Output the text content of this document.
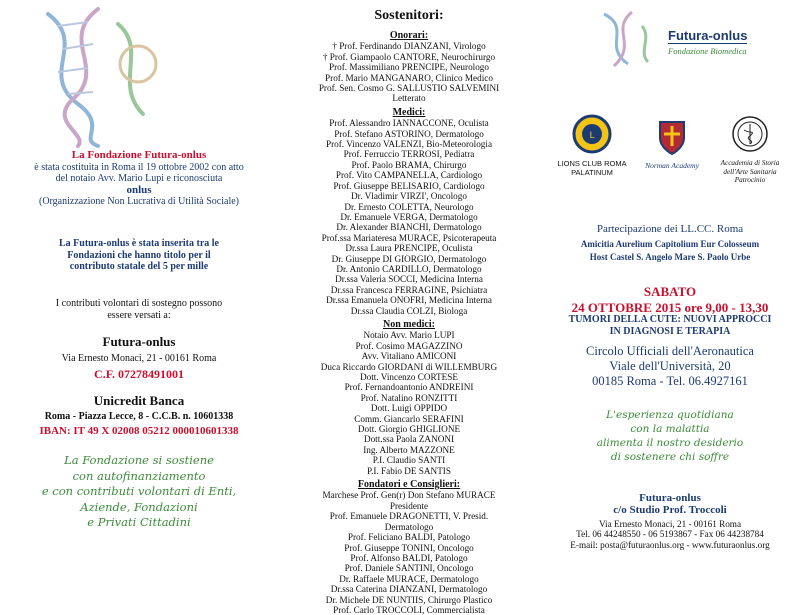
La Fondazione Futura-onlus
è stata costituita in Roma il 19 ottobre 2002 con atto
del notaio Avv. Mario Lupi e riconosciuta
onlus
(Organizzazione Non Lucrativa di Utilità Sociale)
La Futura-onlus è stata inserita tra le
Fondazioni che hanno titolo per il
contributo statale del 5 per mille
I contributi volontari di sostegno possono
essere versati a:
Futura-onlus
Via Ernesto Monaci, 21 - 00161 Roma
C.F. 07278491001
Unicredit Banca
Roma - Piazza Lecce, 8 - C.C.B. n. 10601338
IBAN: IT 49 X 02008 05212 000010601338
La Fondazione si sostiene
con autofinanziamento
e con contributi volontari di Enti,
Aziende, Fondazioni
e Privati Cittadini
Sostenitori:
Onorari:
† Prof. Ferdinando DIANZANI, Virologo
† Prof. Giampaolo CANTORE, Neurochirurgo
Prof. Massimiliano PRENCIPE, Neurologo
Prof. Mario MANGANARO, Clinico Medico
Prof. Sen. Cosmo G. SALLUSTIO SALVEMINI
Letterato
Medici:
Prof. Alessandro IANNACCONE, Oculista
Prof. Stefano ASTORINO, Dermatologo
Prof. Vincenzo VALENZI, Bio-Meteorologia
Prof. Ferruccio TERROSI, Pediatra
Prof. Paolo BRAMA, Chirurgo
Prof. Vito CAMPANELLA, Cardiologo
Prof. Giuseppe BELISARIO, Cardiologo
Dr. Vladimir VIRZI', Oncologo
Dr. Ernesto COLETTA, Neurologo
Dr. Emanuele VERGA, Dermatologo
Dr. Alexander BIANCHI, Dermatologo
Prof.ssa Mariateresa MURACE, Psicoterapeuta
Dr.ssa Laura PRENCIPE, Oculista
Dr. Giuseppe DI GIORGIO, Dermatologo
Dr. Antonio CARDILLO, Dermatologo
Dr.ssa Valeria SOCCI, Medicina Interna
Dr.ssa Francesca FERRAGINE, Psichiatra
Dr.ssa Emanuela ONOFRI, Medicina Interna
Dr.ssa Claudia COLZI, Biologa
Non medici:
Notaio Avv. Mario LUPI
Prof. Cosimo MAGAZZINO
Avv. Vitaliano AMICONI
Duca Riccardo GIORDANI di WILLEMBURG
Dott. Vincenzo CORTESE
Prof. Fernandoantonio ANDREINI
Prof. Natalino RONZITTI
Dott. Luigi OPPIDO
Comm. Giancarlo SERAFINI
Dott. Giorgio GHIGLIONE
Dott.ssa Paola ZANONI
Ing. Alberto MAZZONE
P.I. Claudio SANTI
P.I. Fabio DE SANTIS
Fondatori e Consiglieri:
Marchese Prof. Gen(r) Don Stefano MURACE
Presidente
Prof. Emanuele DRAGONETTI, V. Presid.
Dermatologo
Prof. Feliciano BALDI, Patologo
Prof. Giuseppe TONINI, Oncologo
Prof. Alfonso BALDI, Patologo
Prof. Daniele SANTINI, Oncologo
Dr. Raffaele MURACE, Dermatologo
Dr.ssa Caterina DIANZANI, Dermatologo
Dr. Michele DE NUNTIIS, Chirurgo Plastico
Prof. Carlo TROCCOLI, Commercialista
Futura-onlus
Fondazione Biomedica
L
LIONS CLUB ROMA PALATINUM
Norman Academy	Accademia di Storia dell'Arte Sanitaria Patrocinio
Partecipazione dei LL.CC. Roma
Amicitia Aurelium Capitolium Eur Colosseum
Host Castel S. Angelo Mare S. Paolo Urbe
SABATO
24 OTTOBRE 2015 ore 9,00 - 13,30
TUMORI DELLA CUTE: NUOVI APPROCCI
IN DIAGNOSI E TERAPIA
Circolo Ufficiali dell'Aeronautica
Viale dell'Università, 20
00185 Roma - Tel. 06.4927161
L'esperienza quotidiana
con la malattia
alimenta il nostro desiderio
di sostenere chi soffre
Futura-onlus
c/o Studio Prof. Troccoli
Via Ernesto Monaci, 21 - 00161 Roma
Tel. 06 44248550 - 06 5193867 - Fax 06 44238784
E-mail: posta@futuraonlus.org - www.futuraonlus.org
